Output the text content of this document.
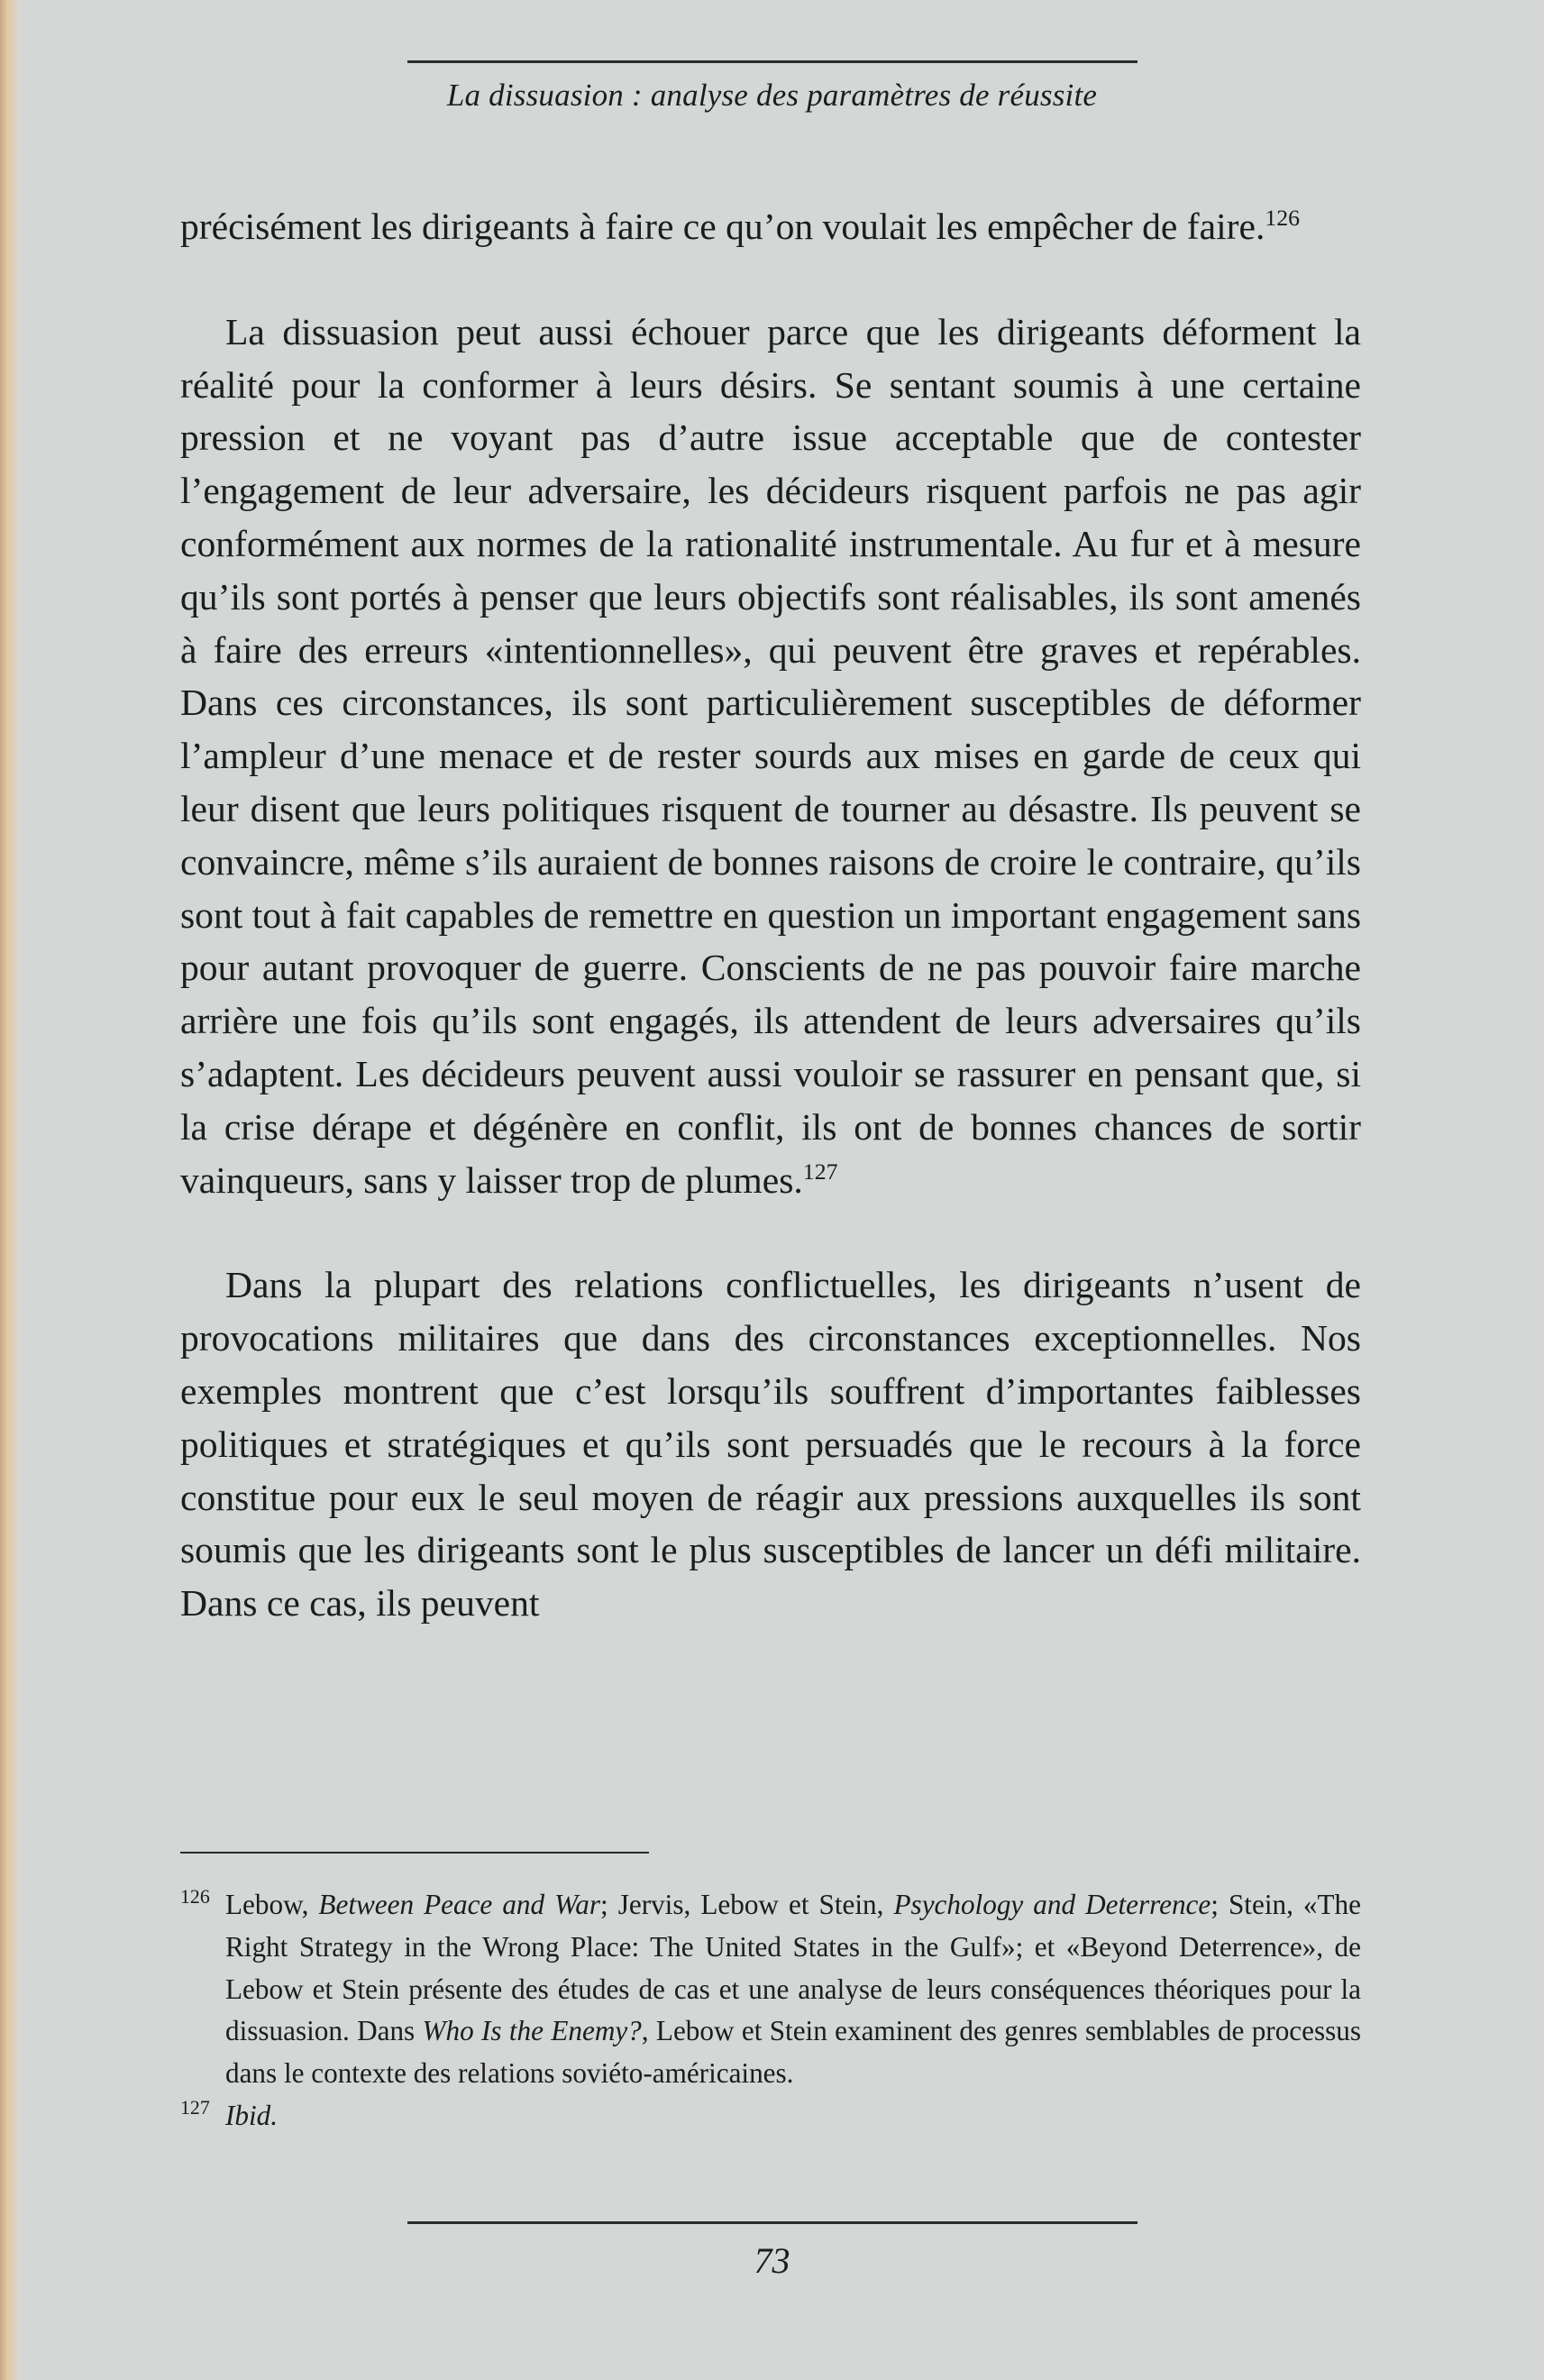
La dissuasion : analyse des paramètres de réussite

précisément les dirigeants à faire ce qu’on voulait les empêcher de faire.$^{126}$

La dissuasion peut aussi échouer parce que les dirigeants déforment la réalité pour la conformer à leurs désirs. Se sentant soumis à une certaine pression et ne voyant pas d’autre issue acceptable que de contester l’engagement de leur adversaire, les décideurs risquent parfois ne pas agir conformément aux normes de la rationalité instrumentale. Au fur et à mesure qu’ils sont portés à penser que leurs objectifs sont réalisables, ils sont amenés à faire des erreurs «intentionnelles», qui peuvent être graves et repérables. Dans ces circonstances, ils sont particulièrement susceptibles de déformer l’ampleur d’une menace et de rester sourds aux mises en garde de ceux qui leur disent que leurs politiques risquent de tourner au désastre. Ils peuvent se convaincre, même s’ils auraient de bonnes raisons de croire le contraire, qu’ils sont tout à fait capables de remettre en question un important engagement sans pour autant provoquer de guerre. Conscients de ne pas pouvoir faire marche arrière une fois qu’ils sont engagés, ils attendent de leurs adversaires qu’ils s’adaptent. Les décideurs peuvent aussi vouloir se rassurer en pensant que, si la crise dérape et dégénère en conflit, ils ont de bonnes chances de sortir vainqueurs, sans y laisser trop de plumes.$^{127}$

Dans la plupart des relations conflictuelles, les dirigeants n’usent de provocations militaires que dans des circonstances exceptionnelles. Nos exemples montrent que c’est lorsqu’ils souffrent d’importantes faiblesses politiques et stratégiques et qu’ils sont persuadés que le recours à la force constitue pour eux le seul moyen de réagir aux pressions auxquelles ils sont soumis que les dirigeants sont le plus susceptibles de lancer un défi militaire. Dans ce cas, ils peuvent

126 Lebow, Between Peace and War; Jervis, Lebow et Stein, Psychology and Deterrence; Stein, «The Right Strategy in the Wrong Place: The United States in the Gulf»; et «Beyond Deterrence», de Lebow et Stein présente des études de cas et une analyse de leurs conséquences théoriques pour la dissuasion. Dans Who Is the Enemy?, Lebow et Stein examinent des genres semblables de processus dans le contexte des relations soviéto-américaines.

127 Ibid.

73
